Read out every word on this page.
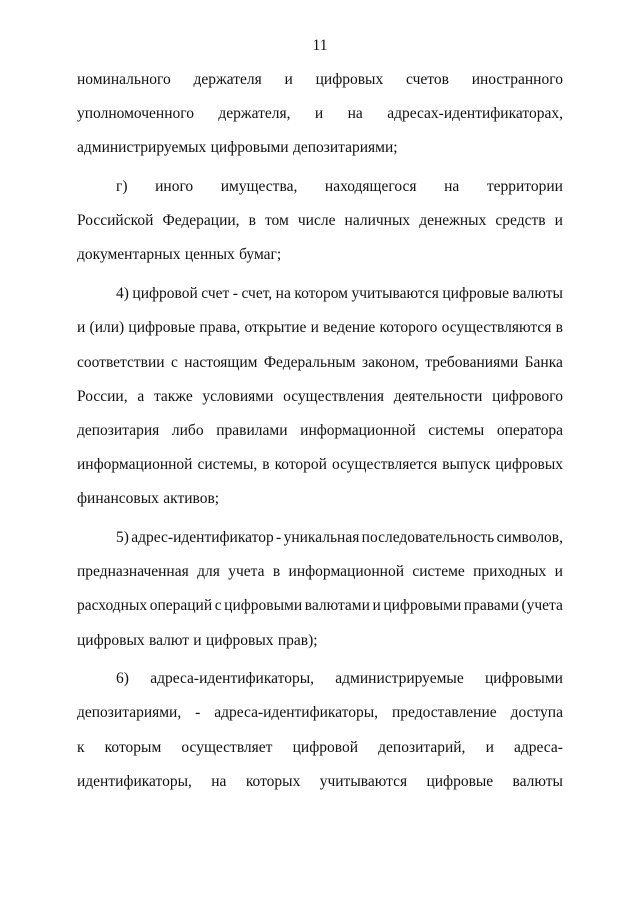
11
номинального держателя и цифровых счетов иностранного
уполномоченного держателя, и на адресах-идентификаторах,
администрируемых цифровыми депозитариями;
г) иного имущества, находящегося на территории
Российской Федерации, в том числе наличных денежных средств и
документарных ценных бумаг;
4) цифровой счет - счет, на котором учитываются цифровые валюты
и (или) цифровые права, открытие и ведение которого осуществляются в
соответствии с настоящим Федеральным законом, требованиями Банка
России, а также условиями осуществления деятельности цифрового
депозитария либо правилами информационной системы оператора
информационной системы, в которой осуществляется выпуск цифровых
финансовых активов;
5) адрес-идентификатор - уникальная последовательность символов,
предназначенная для учета в информационной системе приходных и
расходных операций с цифровыми валютами и цифровыми правами (учета
цифровых валют и цифровых прав);
6) адреса-идентификаторы, администрируемые цифровыми
депозитариями, - адреса-идентификаторы, предоставление доступа
к которым осуществляет цифровой депозитарий, и адреса-
идентификаторы, на которых учитываются цифровые валюты
